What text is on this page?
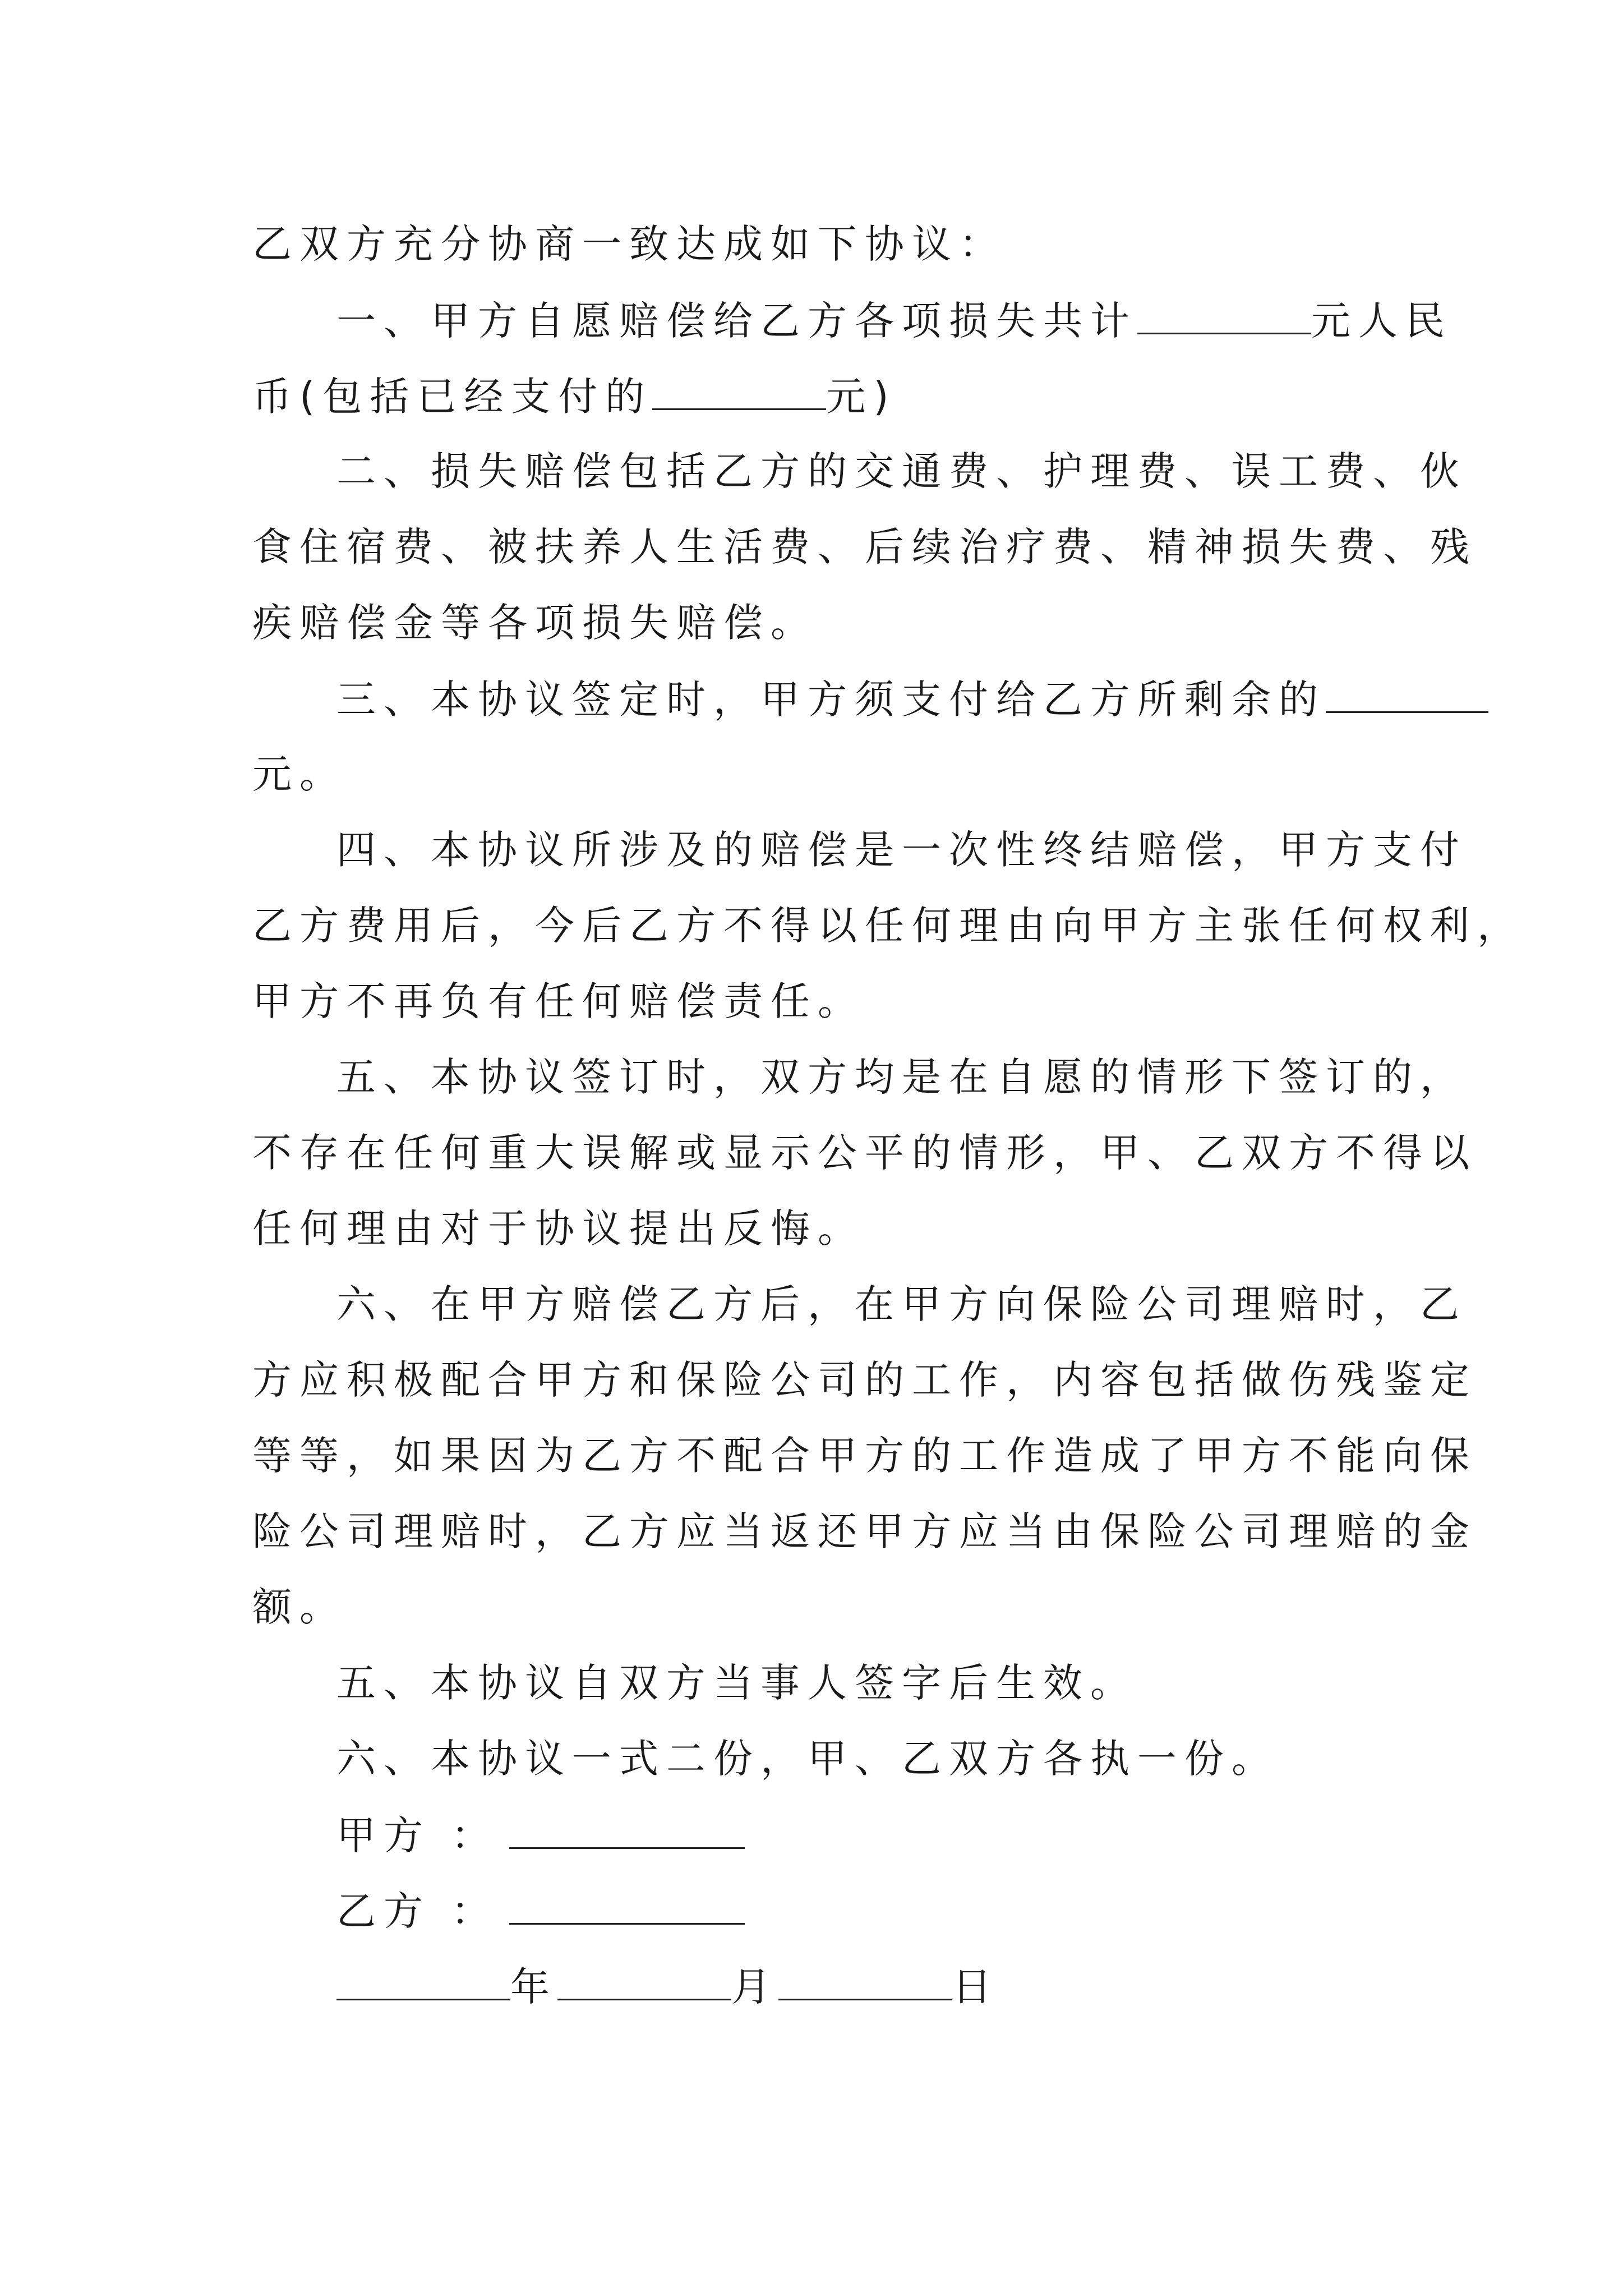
乙双方充分协商一致达成如下协议：
一、甲方自愿赔偿给乙方各项损失共计	元人民
币(包括已经支付的	元)
二、损失赔偿包括乙方的交通费、护理费、误工费、伙
食住宿费、被扶养人生活费、后续治疗费、精神损失费、残
疾赔偿金等各项损失赔偿。
三、本协议签定时，甲方须支付给乙方所剩余的
元。
四、本协议所涉及的赔偿是一次性终结赔偿，甲方支付
乙方费用后，今后乙方不得以任何理由向甲方主张任何权利，
甲方不再负有任何赔偿责任。
五、本协议签订时，双方均是在自愿的情形下签订的，
不存在任何重大误解或显示公平的情形，甲、乙双方不得以
任何理由对于协议提出反悔。
六、在甲方赔偿乙方后，在甲方向保险公司理赔时，乙
方应积极配合甲方和保险公司的工作，内容包括做伤残鉴定
等等，如果因为乙方不配合甲方的工作造成了甲方不能向保
险公司理赔时，乙方应当返还甲方应当由保险公司理赔的金
额。
五、本协议自双方当事人签字后生效。
六、本协议一式二份，甲、乙双方各执一份。
甲方 ：
乙方 ：
年	月	日
